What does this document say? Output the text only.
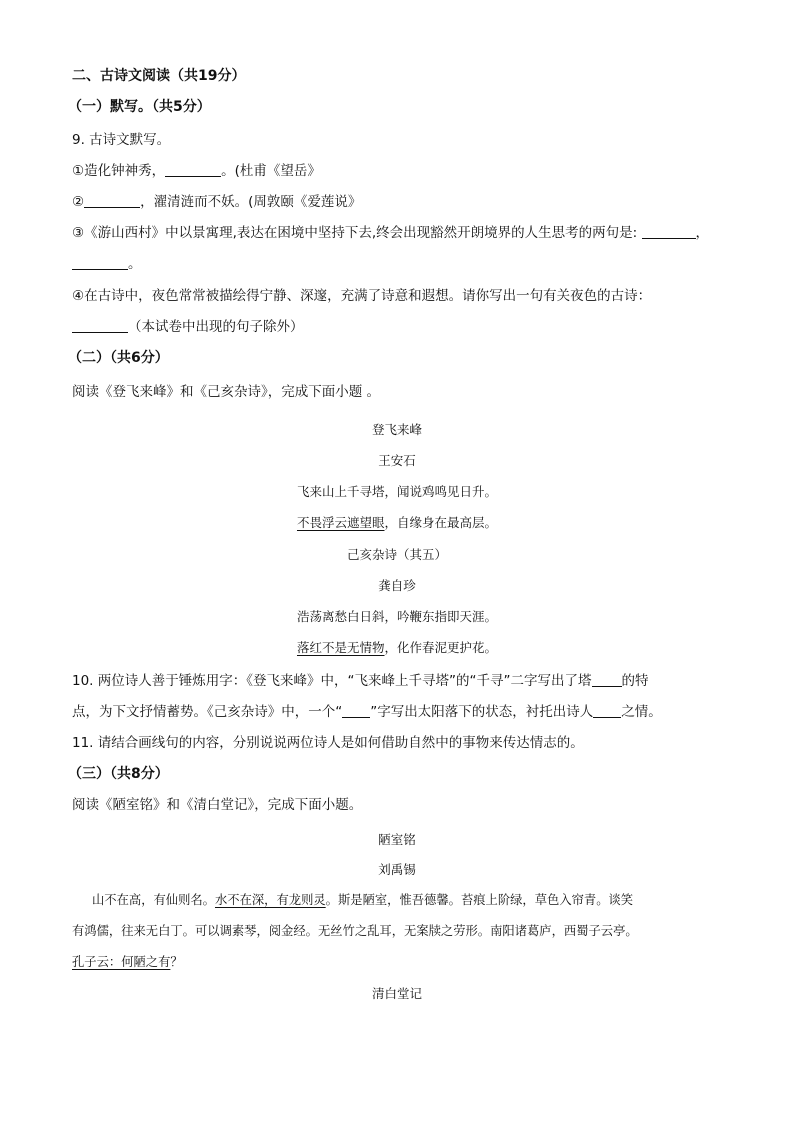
二、古诗文阅读（共19分）
（一）默写。（共5分）
9. 古诗文默写。
①造化钟神秀，	。(杜甫《望岳》
②	，濯清涟而不妖。(周敦颐《爱莲说》
③《游山西村》中以景寓理,表达在困境中坚持下去,终会出现豁然开朗境界的人生思考的两句是:	，
。
④在古诗中，夜色常常被描绘得宁静、深邃，充满了诗意和遐想。请你写出一句有关夜色的古诗：
（本试卷中出现的句子除外）
（二）（共6分）
阅读《登飞来峰》和《己亥杂诗》，完成下面小题 。
登飞来峰
王安石
飞来山上千寻塔，闻说鸡鸣见日升。
不畏浮云遮望眼，自缘身在最高层。
己亥杂诗（其五）
龚自珍
浩荡离愁白日斜，吟鞭东指即天涯。
落红不是无情物，化作春泥更护花。
10. 两位诗人善于锤炼用字：《登飞来峰》中，“飞来峰上千寻塔”的“千寻”二字写出了塔 的特
点，为下文抒情蓄势。《己亥杂诗》中，一个“ ”字写出太阳落下的状态，衬托出诗人 之情。
11. 请结合画线句的内容，分别说说两位诗人是如何借助自然中的事物来传达情志的。
（三）（共8分）
阅读《陋室铭》和《清白堂记》，完成下面小题。
陋室铭
刘禹锡
山不在高，有仙则名。水不在深，有龙则灵。斯是陋室，惟吾德馨。苔痕上阶绿，草色入帘青。谈笑
有鸿儒，往来无白丁。可以调素琴，阅金经。无丝竹之乱耳，无案牍之劳形。南阳诸葛庐，西蜀子云亭。
孔子云：何陋之有？
清白堂记
